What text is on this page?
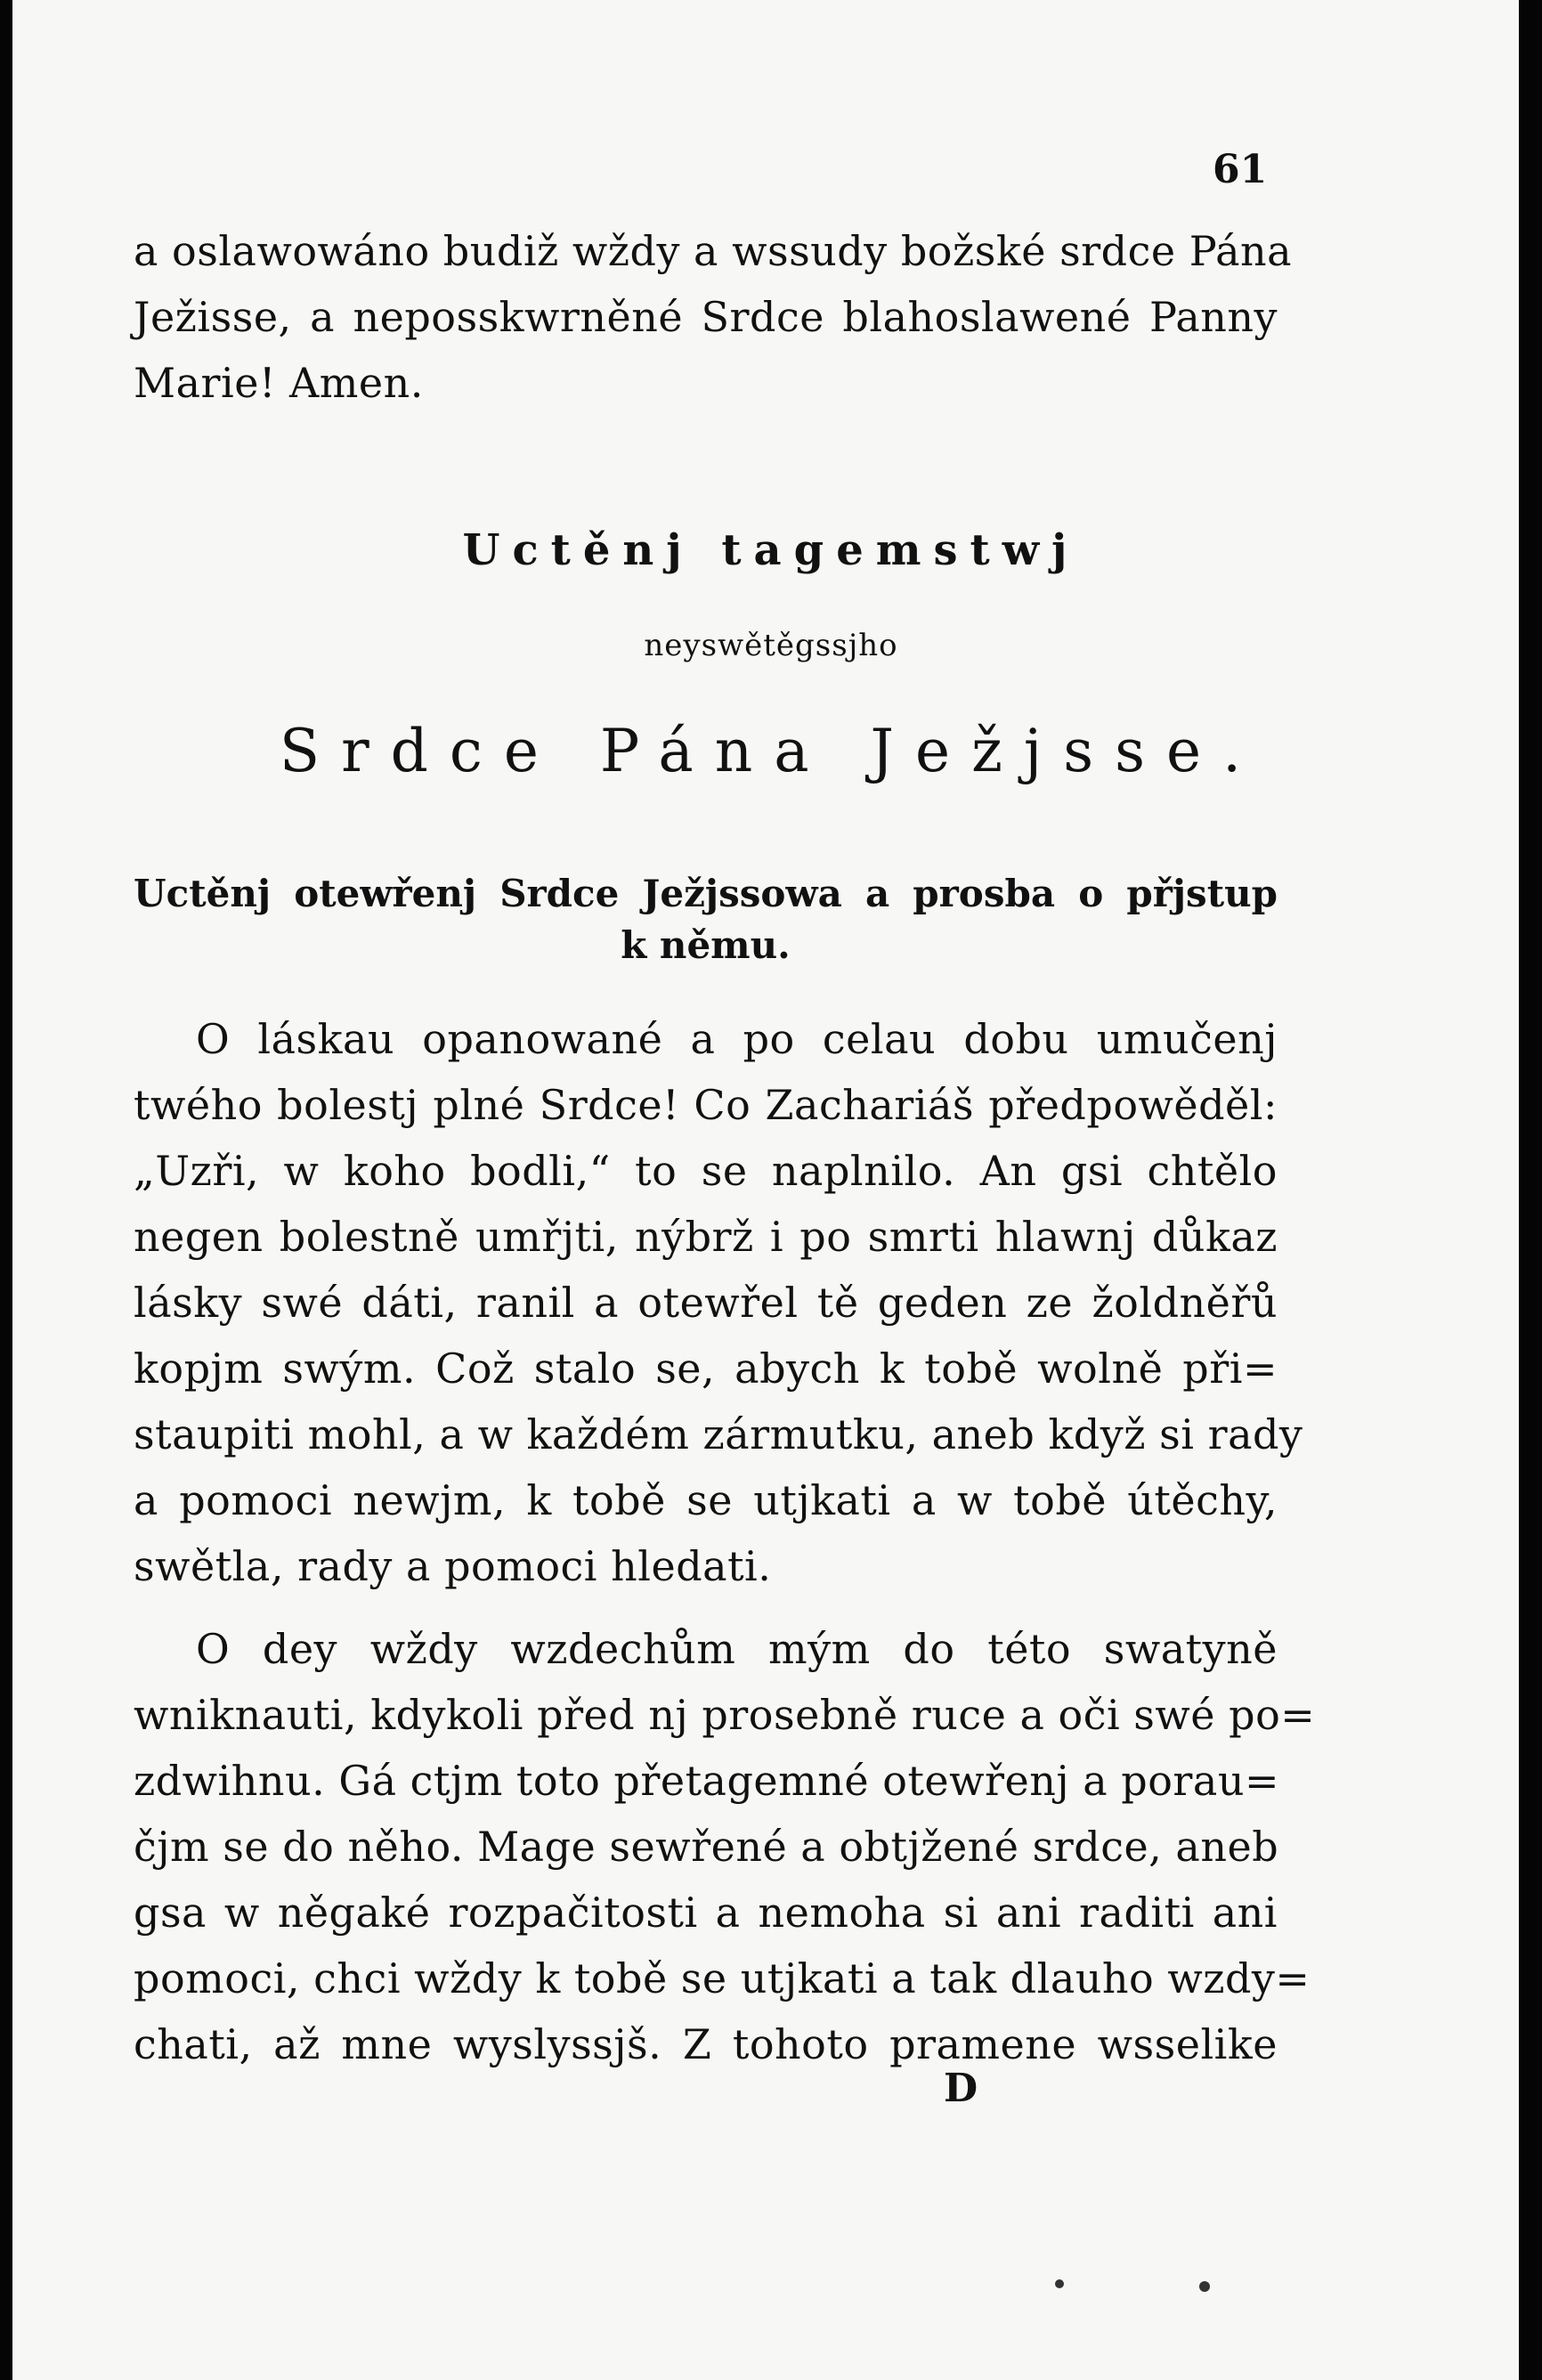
61
a oslawowáno budiž wždy a wssudy božské srdce Pána
Ježisse, a neposskwrněné Srdce blahoslawené Panny
Marie! Amen.
Uctěnj tagemstwj
neyswětěgssjho
Srdce Pána Ježjsse.
Uctěnj otewřenj Srdce Ježjssowa a prosba o přjstup
k němu.
O láskau opanowané a po celau dobu umučenj
twého bolestj plné Srdce! Co Zachariáš předpowěděl:
„Uzři, w koho bodli,“ to se naplnilo. An gsi chtělo
negen bolestně umřjti, nýbrž i po smrti hlawnj důkaz
lásky swé dáti, ranil a otewřel tě geden ze žoldněřů
kopjm swým. Což stalo se, abych k tobě wolně při=
staupiti mohl, a w každém zármutku, aneb když si rady
a pomoci newjm, k tobě se utjkati a w tobě útěchy,
swětla, rady a pomoci hledati.
O dey wždy wzdechům mým do této swatyně
wniknauti, kdykoli před nj prosebně ruce a oči swé po=
zdwihnu. Gá ctjm toto přetagemné otewřenj a porau=
čjm se do něho. Mage sewřené a obtjžené srdce, aneb
gsa w něgaké rozpačitosti a nemoha si ani raditi ani
pomoci, chci wždy k tobě se utjkati a tak dlauho wzdy=
chati, až mne wyslyssjš. Z tohoto pramene wsselike
D
